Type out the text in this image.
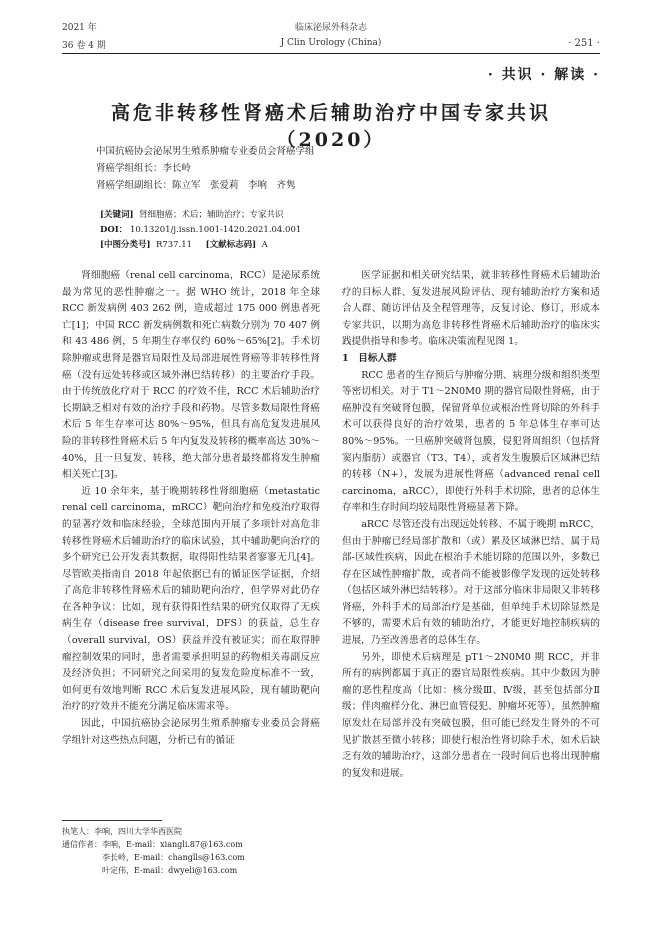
2021 年
36 卷 4 期
临床泌尿外科杂志
J Clin Urology (China)	· 251 ·
· 共识 · 解读 ·
高危非转移性肾癌术后辅助治疗中国专家共识（2020）
中国抗癌协会泌尿男生殖系肿瘤专业委员会肾癌学组
肾癌学组组长：李长岭
肾癌学组副组长：陈立军　张爱莉　李响　齐隽
[关键词] 肾细胞癌；术后；辅助治疗；专家共识
DOI： 10.13201/j.issn.1001-1420.2021.04.001
[中图分类号] R737.11 [文献标志码] A

肾细胞癌（renal cell carcinoma，RCC）是泌尿系统最为常见的恶性肿瘤之一。据 WHO 统计，2018 年全球 RCC 新发病例 403 262 例，造成超过 175 000 例患者死亡[1]；中国 RCC 新发病例数和死亡病数分别为 70 407 例和 43 486 例，5 年期生存率仅约 60%～65%[2]。手术切除肿瘤或患肾是器官局限性及局部进展性肾癌等非转移性肾癌（没有远处转移或区域外淋巴结转移）的主要治疗手段。由于传统放化疗对于 RCC 的疗效不佳，RCC 术后辅助治疗长期缺乏相对有效的治疗手段和药物。尽管多数局限性肾癌术后 5 年生存率可达 80%～95%，但具有高危复发进展风险的非转移性肾癌术后 5 年内复发及转移的概率高达 30%～40%，且一旦复发、转移，绝大部分患者最终都将发生肿瘤相关死亡[3]。

近 10 余年来，基于晚期转移性肾细胞癌（metastatic renal cell carcinoma，mRCC）靶向治疗和免疫治疗取得的显著疗效和临床经验，全球范围内开展了多项针对高危非转移性肾癌术后辅助治疗的临床试验，其中辅助靶向治疗的多个研究已公开发表其数据，取得阳性结果者寥寥无几[4]。尽管欧美指南自 2018 年起依据已有的循证医学证据，介绍了高危非转移性肾癌术后的辅助靶向治疗，但学界对此仍存在各种争议：比如，现有获得阳性结果的研究仅取得了无疾病生存（disease free survival，DFS）的获益，总生存（overall survival，OS）获益并没有被证实；而在取得肿瘤控制效果的同时，患者需要承担明显的药物相关毒副反应及经济负担；不同研究之间采用的复发危险度标准不一致，如何更有效地判断 RCC 术后复发进展风险，现有辅助靶向治疗的疗效并不能充分满足临床需求等。

因此，中国抗癌协会泌尿男生殖系肿瘤专业委员会肾癌学组针对这些热点问题，分析已有的循证

医学证据和相关研究结果，就非转移性肾癌术后辅助治疗的目标人群、复发进展风险评估、现有辅助治疗方案和适合人群、随访评估及全程管理等，反复讨论、修订，形成本专家共识，以期为高危非转移性肾癌术后辅助治疗的临床实践提供指导和参考。临床决策流程见图 1。

1　目标人群

RCC 患者的生存预后与肿瘤分期、病理分级和组织类型等密切相关。对于 T1～2N0M0 期的器官局限性肾癌，由于癌肿没有突破肾包膜，保留肾单位或根治性肾切除的外科手术可以获得良好的治疗效果，患者的 5 年总体生存率可达 80%～95%。一旦癌肿突破肾包膜，侵犯肾周组织（包括肾窦内脂肪）或器官（T3、T4），或者发生腹膜后区域淋巴结的转移（N+），发展为进展性肾癌（advanced renal cell carcinoma，aRCC），即使行外科手术切除，患者的总体生存率和生存时间均较局限性肾癌显著下降。

aRCC 尽管还没有出现远处转移、不属于晚期 mRCC，但由于肿瘤已经局部扩散和（或）累及区域淋巴结、属于局部-区域性疾病，因此在根治手术能切除的范围以外，多数已存在区域性肿瘤扩散，或者尚不能被影像学发现的远处转移（包括区域外淋巴结转移）。对于这部分临床非局限又非转移肾癌，外科手术的局部治疗是基础，但单纯手术切除显然是不够的，需要术后有效的辅助治疗，才能更好地控制疾病的进展，乃至改善患者的总体生存。

另外，即使术后病理是 pT1～2N0M0 期 RCC，并非所有的病例都属于真正的器官局限性疾病。其中少数因为肿瘤的恶性程度高（比如：核分级Ⅲ、Ⅳ级，甚至包括部分Ⅱ级；伴肉瘤样分化、淋巴血管侵犯、肿瘤坏死等），虽然肿瘤原发灶在局部并没有突破包膜，但可能已经发生肾外的不可见扩散甚至微小转移；即使行根治性肾切除手术，如术后缺乏有效的辅助治疗，这部分患者在一段时间后也将出现肿瘤的复发和进展。

执笔人：李响，四川大学华西医院
通信作者：李响，E-mail：xiangli.87@163.com
　　　　　李长岭，E-mail：changlls@163.com
　　　　　叶定伟，E-mail：dwyeli@163.com
